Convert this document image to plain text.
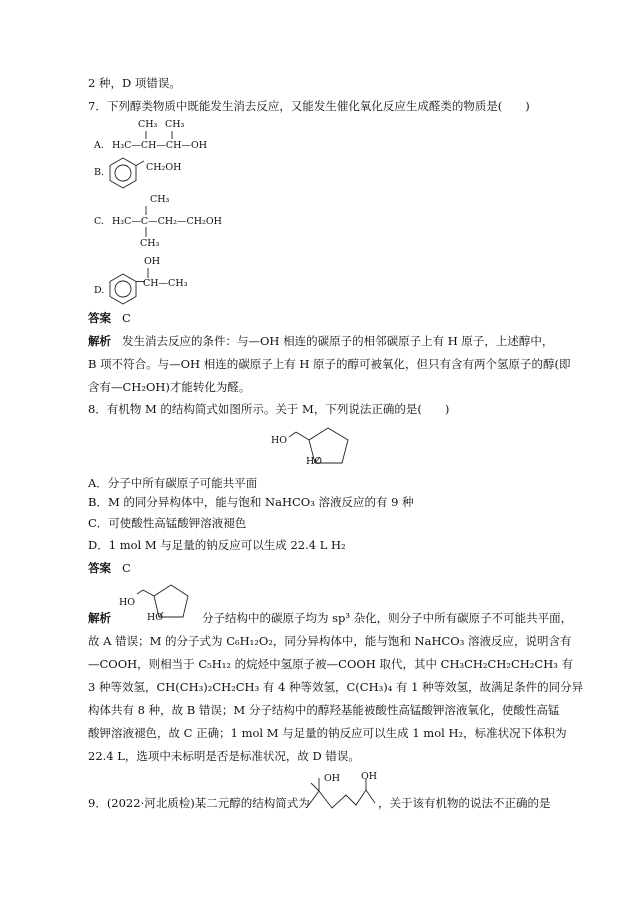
2 种，D 项错误。
7．下列醇类物质中既能发生消去反应，又能发生催化氧化反应生成醛类的物质是(　　)
CH₃ CH₃
A. H₃C—CH—CH—OH
B.	CH₂OH
CH₃
C. H₃C—C—CH₂—CH₂OH
CH₃
OH
D.
CH—CH₃
答案 C
解析 发生消去反应的条件：与—OH 相连的碳原子的相邻碳原子上有 H 原子，上述醇中，
B 项不符合。与—OH 相连的碳原子上有 H 原子的醇可被氧化，但只有含有两个氢原子的醇(即
含有—CH₂OH)才能转化为醛。
8．有机物 M 的结构简式如图所示。关于 M，下列说法正确的是(　　)
HO
HO
A．分子中所有碳原子可能共平面
B．M 的同分异构体中，能与饱和 NaHCO₃ 溶液反应的有 9 种
C．可使酸性高锰酸钾溶液褪色
D．1 mol M 与足量的钠反应可以生成 22.4 L H₂
答案 C
HO
HO
解析	分子结构中的碳原子均为 sp³ 杂化，则分子中所有碳原子不可能共平面，
故 A 错误；M 的分子式为 C₆H₁₂O₂，同分异构体中，能与饱和 NaHCO₃ 溶液反应，说明含有
—COOH，则相当于 C₅H₁₂ 的烷烃中氢原子被—COOH 取代，其中 CH₃CH₂CH₂CH₂CH₃ 有
3 种等效氢，CH(CH₃)₂CH₂CH₃ 有 4 种等效氢，C(CH₃)₄ 有 1 种等效氢，故满足条件的同分异
构体共有 8 种，故 B 错误；M 分子结构中的醇羟基能被酸性高锰酸钾溶液氧化，使酸性高锰
酸钾溶液褪色，故 C 正确；1 mol M 与足量的钠反应可以生成 1 mol H₂，标准状况下体积为
22.4 L，选项中未标明是否是标准状况，故 D 错误。
9．(2022·河北质检)某二元醇的结构简式为
OH OH
，关于该有机物的说法不正确的是
